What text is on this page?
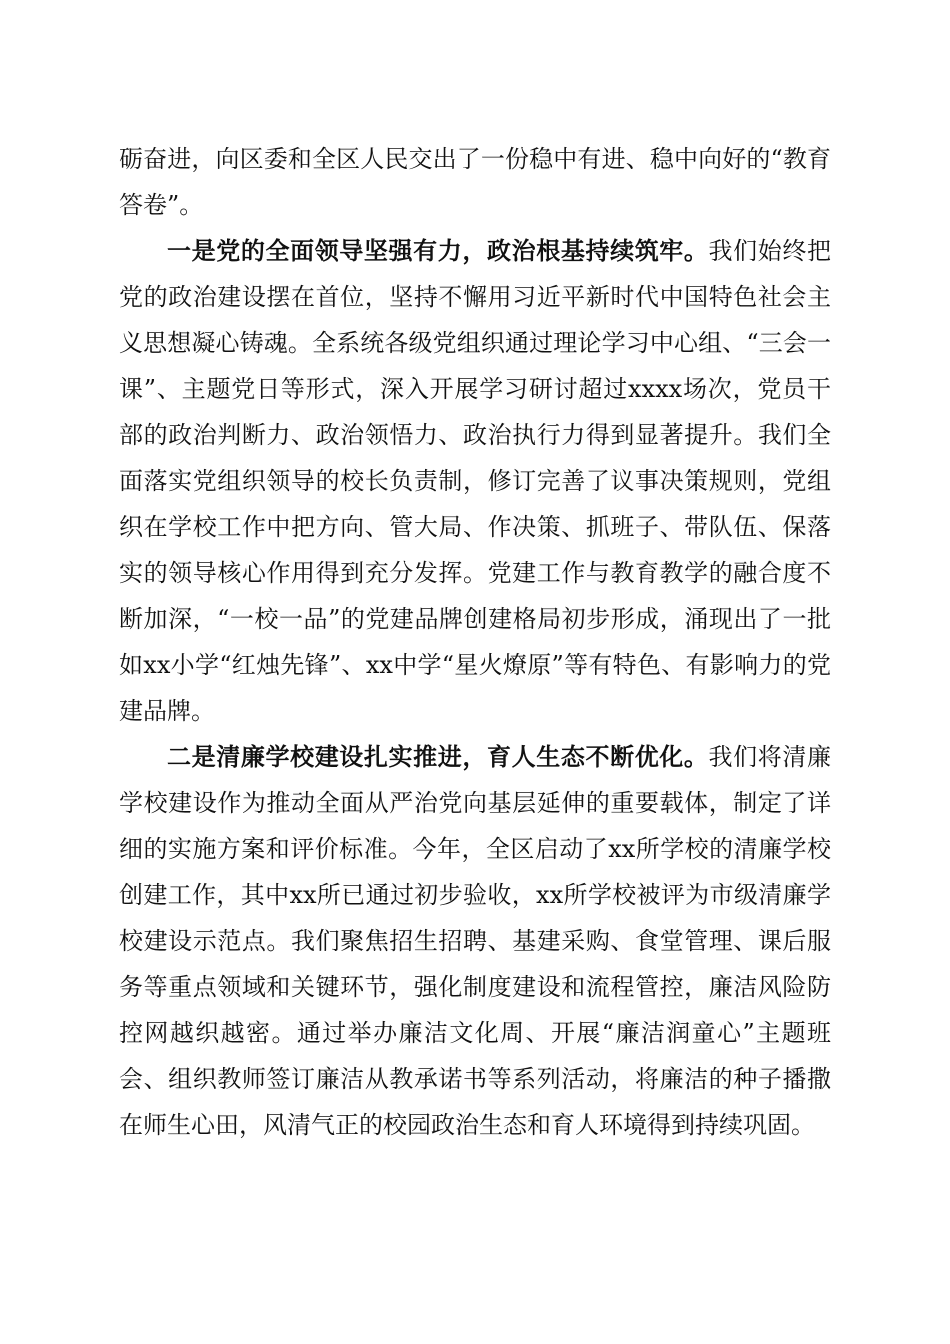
砺奋进，向区委和全区人民交出了一份稳中有进、稳中向好的“教育答卷”。

一是党的全面领导坚强有力，政治根基持续筑牢。我们始终把党的政治建设摆在首位，坚持不懈用习近平新时代中国特色社会主义思想凝心铸魂。全系统各级党组织通过理论学习中心组、“三会一课”、主题党日等形式，深入开展学习研讨超过xxxx场次，党员干部的政治判断力、政治领悟力、政治执行力得到显著提升。我们全面落实党组织领导的校长负责制，修订完善了议事决策规则，党组织在学校工作中把方向、管大局、作决策、抓班子、带队伍、保落实的领导核心作用得到充分发挥。党建工作与教育教学的融合度不断加深，“一校一品”的党建品牌创建格局初步形成，涌现出了一批如xx小学“红烛先锋”、xx中学“星火燎原”等有特色、有影响力的党建品牌。

二是清廉学校建设扎实推进，育人生态不断优化。我们将清廉学校建设作为推动全面从严治党向基层延伸的重要载体，制定了详细的实施方案和评价标准。今年，全区启动了xx所学校的清廉学校创建工作，其中xx所已通过初步验收，xx所学校被评为市级清廉学校建设示范点。我们聚焦招生招聘、基建采购、食堂管理、课后服务等重点领域和关键环节，强化制度建设和流程管控，廉洁风险防控网越织越密。通过举办廉洁文化周、开展“廉洁润童心”主题班会、组织教师签订廉洁从教承诺书等系列活动，将廉洁的种子播撒在师生心田，风清气正的校园政治生态和育人环境得到持续巩固。
